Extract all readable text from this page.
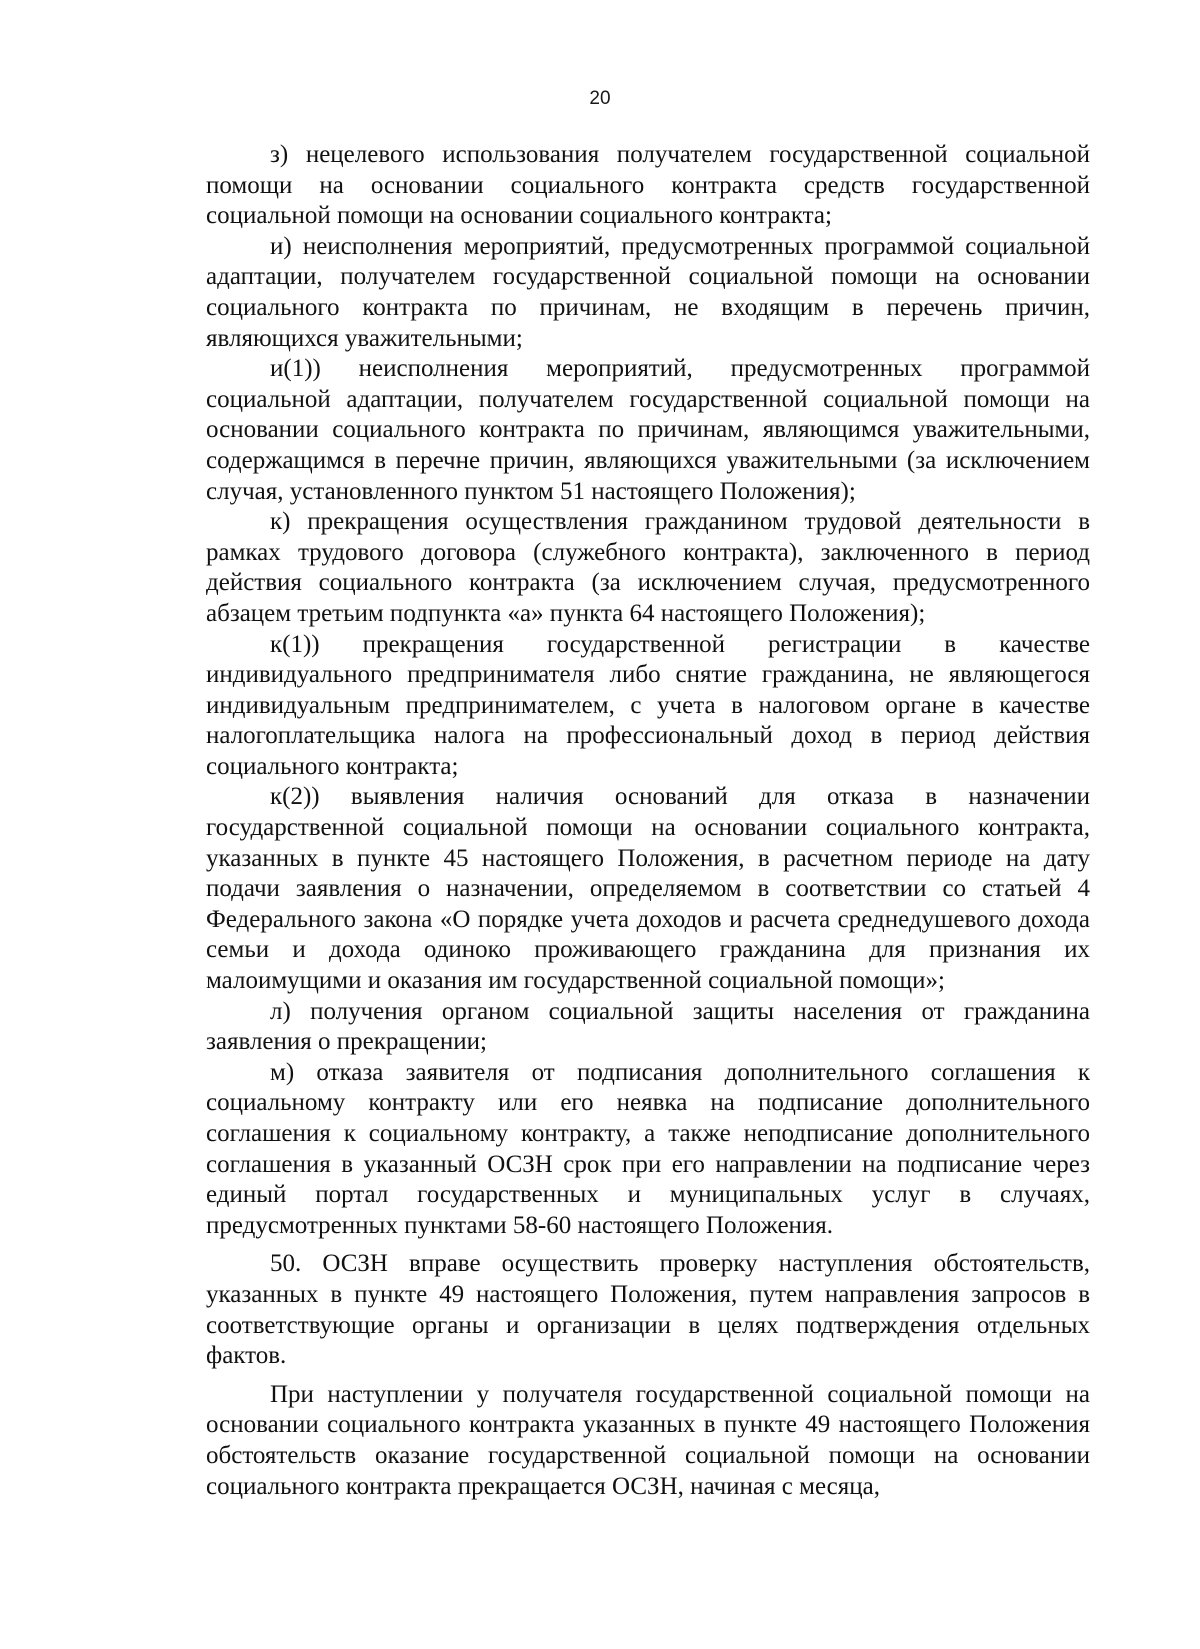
20

з) нецелевого использования получателем государственной социальной помощи на основании социального контракта средств государственной социальной помощи на основании социального контракта;

и) неисполнения мероприятий, предусмотренных программой социальной адаптации, получателем государственной социальной помощи на основании социального контракта по причинам, не входящим в перечень причин, являющихся уважительными;

и(1)) неисполнения мероприятий, предусмотренных программой социальной адаптации, получателем государственной социальной помощи на основании социального контракта по причинам, являющимся уважительными, содержащимся в перечне причин, являющихся уважительными (за исключением случая, установленного пунктом 51 настоящего Положения);

к) прекращения осуществления гражданином трудовой деятельности в рамках трудового договора (служебного контракта), заключенного в период действия социального контракта (за исключением случая, предусмотренного абзацем третьим подпункта «а» пункта 64 настоящего Положения);

к(1)) прекращения государственной регистрации в качестве индивидуального предпринимателя либо снятие гражданина, не являющегося индивидуальным предпринимателем, с учета в налоговом органе в качестве налогоплательщика налога на профессиональный доход в период действия социального контракта;

к(2)) выявления наличия оснований для отказа в назначении государственной социальной помощи на основании социального контракта, указанных в пункте 45 настоящего Положения, в расчетном периоде на дату подачи заявления о назначении, определяемом в соответствии со статьей 4 Федерального закона «О порядке учета доходов и расчета среднедушевого дохода семьи и дохода одиноко проживающего гражданина для признания их малоимущими и оказания им государственной социальной помощи»;

л) получения органом социальной защиты населения от гражданина заявления о прекращении;

м) отказа заявителя от подписания дополнительного соглашения к социальному контракту или его неявка на подписание дополнительного соглашения к социальному контракту, а также неподписание дополнительного соглашения в указанный ОСЗН срок при его направлении на подписание через единый портал государственных и муниципальных услуг в случаях, предусмотренных пунктами 58-60 настоящего Положения.

50. ОСЗН вправе осуществить проверку наступления обстоятельств, указанных в пункте 49 настоящего Положения, путем направления запросов в соответствующие органы и организации в целях подтверждения отдельных фактов.

При наступлении у получателя государственной социальной помощи на основании социального контракта указанных в пункте 49 настоящего Положения обстоятельств оказание государственной социальной помощи на основании социального контракта прекращается ОСЗН, начиная с месяца,
